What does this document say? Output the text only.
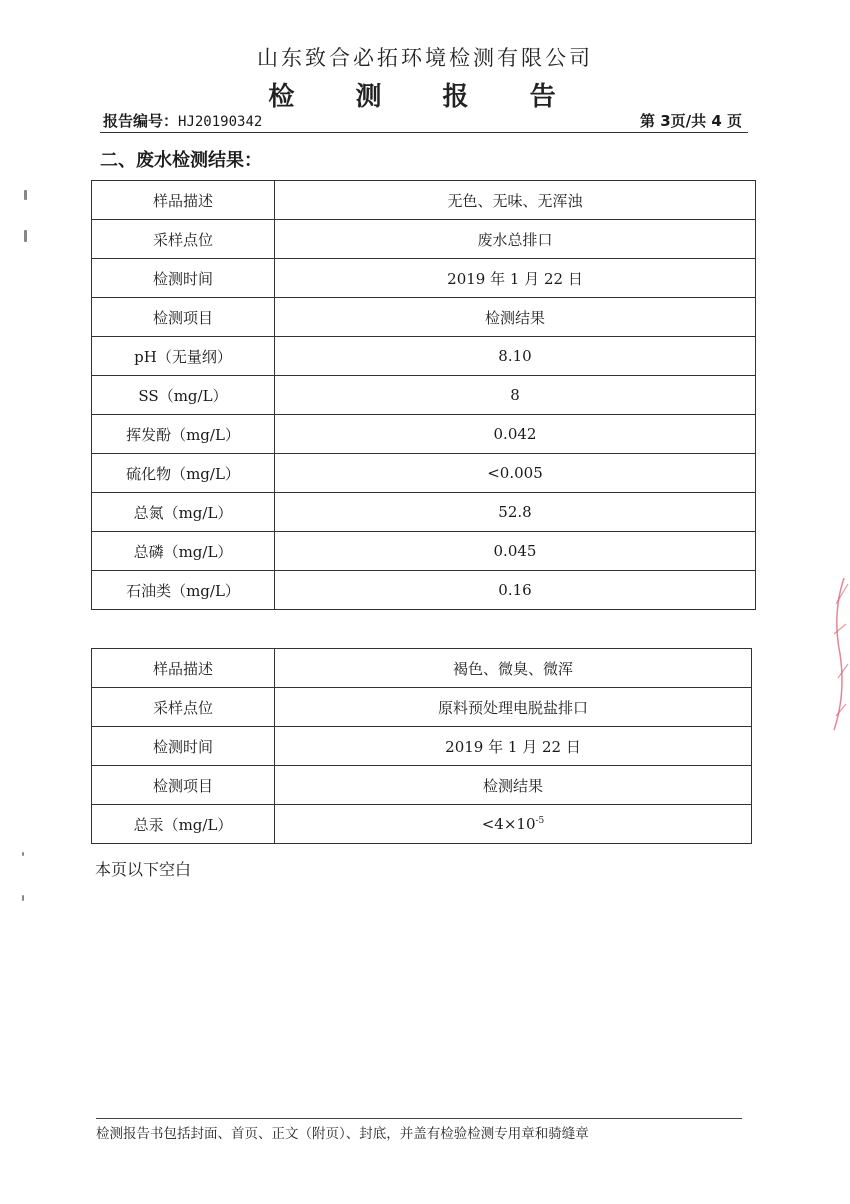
山东致合必拓环境检测有限公司
检 测 报 告
报告编号：HJ20190342	第 3页/共 4 页
二、废水检测结果：
样品描述	无色、无味、无浑浊
采样点位	废水总排口
检测时间	2019 年 1 月 22 日
检测项目	检测结果
pH（无量纲）	8.10
SS（mg/L）	8
挥发酚（mg/L）	0.042
硫化物（mg/L）	<0.005
总氮（mg/L）	52.8
总磷（mg/L）	0.045
石油类（mg/L）	0.16
样品描述	褐色、微臭、微浑
采样点位	原料预处理电脱盐排口
检测时间	2019 年 1 月 22 日
检测项目	检测结果
总汞（mg/L）	$<4\times 10^{-5}$
本页以下空白
检测报告书包括封面、首页、正文（附页）、封底，并盖有检验检测专用章和骑缝章
